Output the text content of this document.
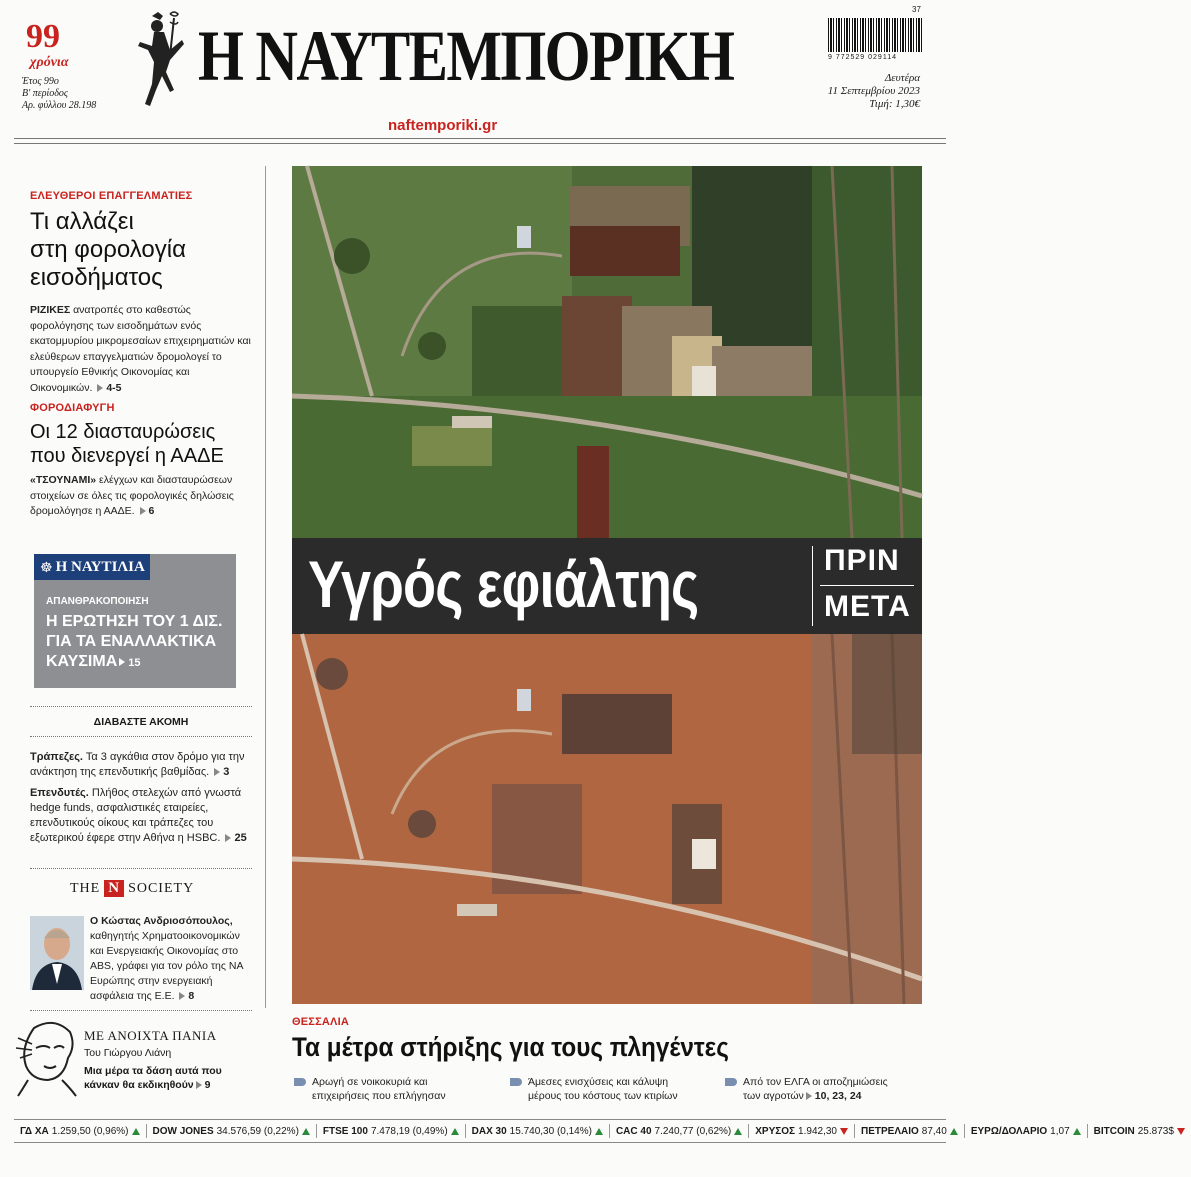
99
χρόνια
Έτος 99ο
Β' περίοδος
Αρ. φύλλου 28.198
Η ΝΑΥΤΕΜΠΟΡΙΚΗ
naftemporiki.gr
37
9 772529 029114
Δευτέρα
11 Σεπτεμβρίου 2023
Τιμή: 1,30€
ΕΛΕΥΘΕΡΟΙ ΕΠΑΓΓΕΛΜΑΤΙΕΣ
Τι αλλάζει
στη φορολογία
εισοδήματος
ΡΙΖΙΚΕΣ ανατροπές στο καθεστώς φορολόγησης των εισοδημάτων ενός εκατομμυρίου μικρομεσαίων επιχειρηματιών και ελεύθερων επαγγελματιών δρομολογεί το υπουργείο Εθνικής Οικονομίας και Οικονομικών. 4-5
ΦΟΡΟΔΙΑΦΥΓΗ
Οι 12 διασταυρώσεις
που διενεργεί η ΑΑΔΕ
«ΤΣΟΥΝΑΜΙ» ελέγχων και διασταυρώσεων στοιχείων σε όλες τις φορολογικές δηλώσεις δρομολόγησε η ΑΑΔΕ. 6
☸ Η ΝΑΥΤΙΛΙΑ
ΑΠΑΝΘΡΑΚΟΠΟΙΗΣΗ
Η ΕΡΩΤΗΣΗ ΤΟΥ 1 ΔΙΣ.
ΓΙΑ ΤΑ ΕΝΑΛΛΑΚΤΙΚΑ
ΚΑΥΣΙΜΑ 15
ΔΙΑΒΑΣΤΕ ΑΚΟΜΗ
Τράπεζες. Τα 3 αγκάθια στον δρόμο για την ανάκτηση της επενδυτικής βαθμίδας. 3
Επενδυτές. Πλήθος στελεχών από γνωστά hedge funds, ασφαλιστικές εταιρείες, επενδυτικούς οίκους και τράπεζες του εξωτερικού έφερε στην Αθήνα η HSBC. 25
THE N SOCIETY
Ο Κώστας Ανδριοσόπουλος, καθηγητής Χρηματοοικονομικών και Ενεργειακής Οικονομίας στο ABS, γράφει για τον ρόλο της ΝΑ Ευρώπης στην ενεργειακή ασφάλεια της Ε.Ε. 8
ΜΕ ΑΝΟΙΧΤΑ ΠΑΝΙΑ
Του Γιώργου Λιάνη
Μια μέρα τα δάση αυτά που
κάνκαν θα εκδικηθούν 9
Υγρός εφιάλτης	ΠΡΙΝ
ΜΕΤΑ
ΘΕΣΣΑΛΙΑ
Τα μέτρα στήριξης για τους πληγέντες
Αρωγή σε νοικοκυριά και
επιχειρήσεις που επλήγησαν
Άμεσες ενισχύσεις και κάλυψη
μέρους του κόστους των κτιρίων
Από τον ΕΛΓΑ οι αποζημιώσεις
των αγροτών 10, 23, 24
ΓΔ ΧΑ 1.259,50 (0,96%) DOW JONES 34.576,59 (0,22%) FTSE 100 7.478,19 (0,49%) DAX 30 15.740,30 (0,14%) CAC 40 7.240,77 (0,62%) ΧΡΥΣΟΣ 1.942,30 ΠΕΤΡΕΛΑΙΟ 87,40 ΕΥΡΩ/ΔΟΛΑΡΙΟ 1,07 BITCOIN 25.873$
